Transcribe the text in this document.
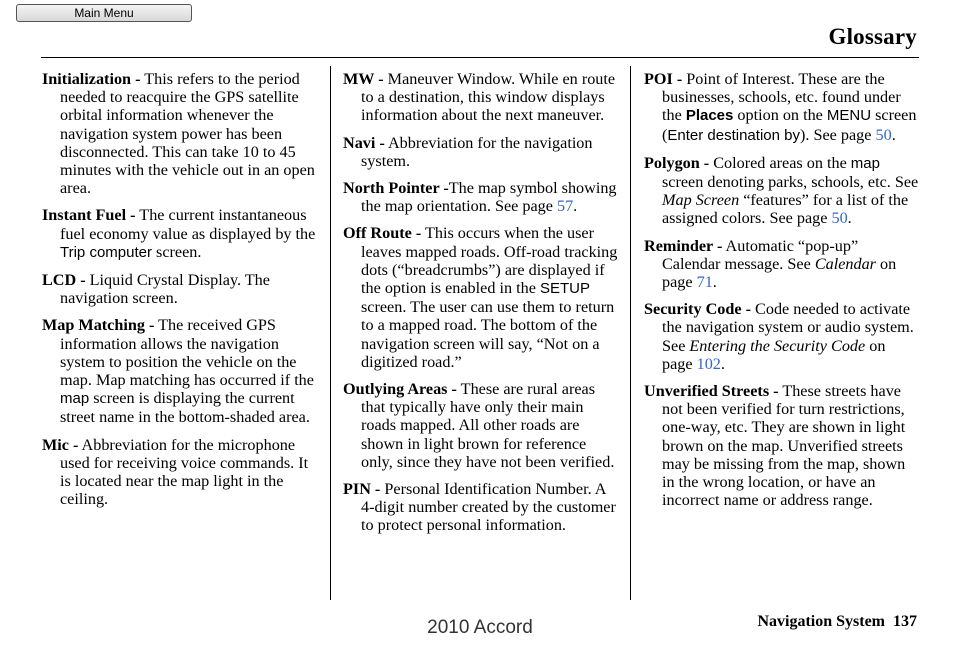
Main Menu
Glossary

Initialization - This refers to the period needed to reacquire the GPS satellite orbital information whenever the navigation system power has been disconnected. This can take 10 to 45 minutes with the vehicle out in an open area.

Instant Fuel - The current instantaneous fuel economy value as displayed by the Trip computer screen.

LCD - Liquid Crystal Display. The navigation screen.

Map Matching - The received GPS information allows the navigation system to position the vehicle on the map. Map matching has occurred if the map screen is displaying the current street name in the bottom-shaded area.

Mic - Abbreviation for the microphone used for receiving voice commands. It is located near the map light in the ceiling.

MW - Maneuver Window. While en route to a destination, this window displays information about the next maneuver.

Navi - Abbreviation for the navigation system.

North Pointer -The map symbol showing the map orientation. See page 57.

Off Route - This occurs when the user leaves mapped roads. Off-road tracking dots (“breadcrumbs”) are displayed if the option is enabled in the SETUP screen. The user can use them to return to a mapped road. The bottom of the navigation screen will say, “Not on a digitized road.”

Outlying Areas - These are rural areas that typically have only their main roads mapped. All other roads are shown in light brown for reference only, since they have not been verified.

PIN - Personal Identification Number. A 4-digit number created by the customer to protect personal information.

POI - Point of Interest. These are the businesses, schools, etc. found under the Places option on the MENU screen (Enter destination by). See page 50.

Polygon - Colored areas on the map screen denoting parks, schools, etc. See Map Screen “features” for a list of the assigned colors. See page 50.

Reminder - Automatic “pop-up” Calendar message. See Calendar on page 71.

Security Code - Code needed to activate the navigation system or audio system. See Entering the Security Code on page 102.

Unverified Streets - These streets have not been verified for turn restrictions, one-way, etc. They are shown in light brown on the map. Unverified streets may be missing from the map, shown in the wrong location, or have an incorrect name or address range.

Navigation System 137
2010 Accord
